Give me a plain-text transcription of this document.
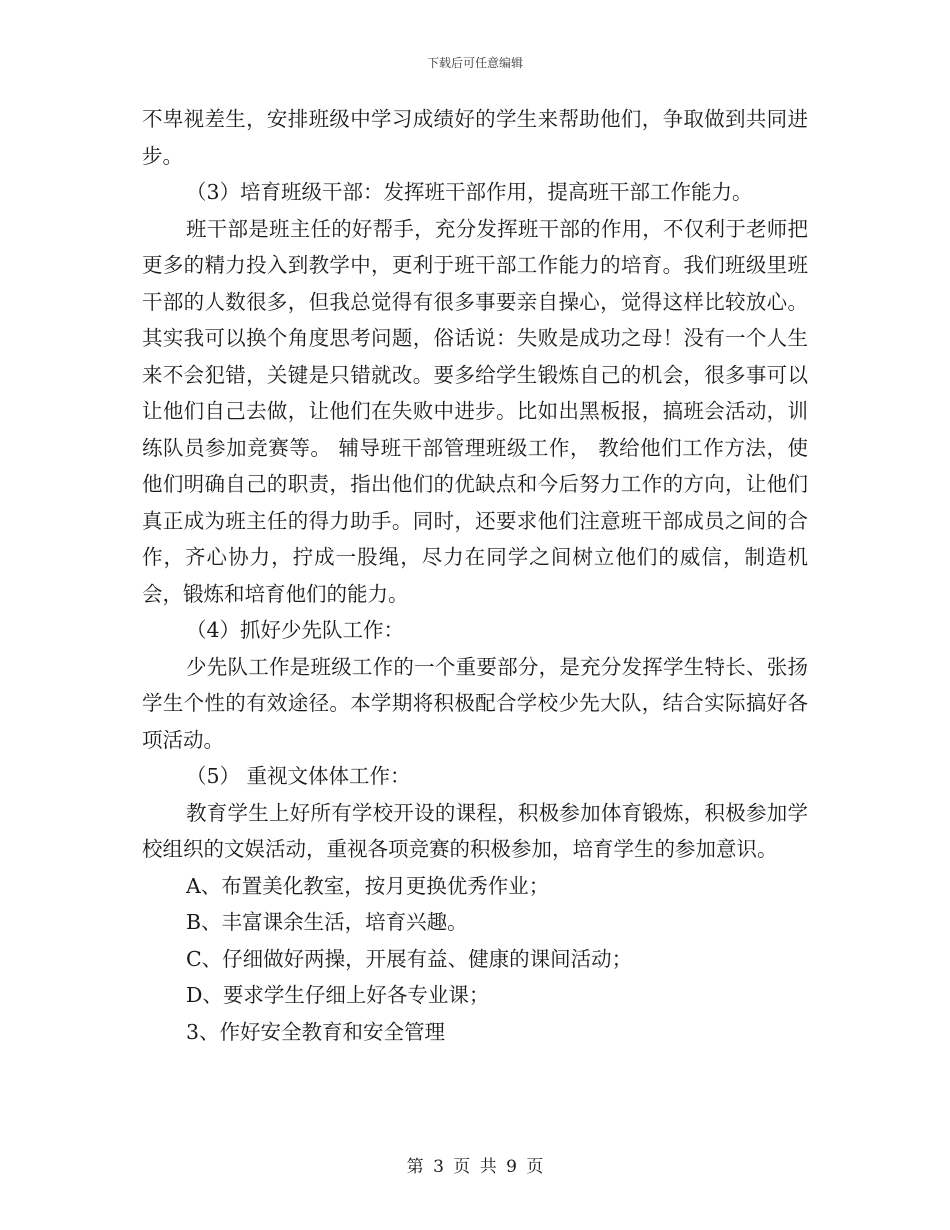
下载后可任意编辑

不卑视差生，安排班级中学习成绩好的学生来帮助他们，争取做到共同进步。

（3）培育班级干部：发挥班干部作用，提高班干部工作能力。

班干部是班主任的好帮手，充分发挥班干部的作用，不仅利于老师把更多的精力投入到教学中，更利于班干部工作能力的培育。我们班级里班干部的人数很多，但我总觉得有很多事要亲自操心，觉得这样比较放心。其实我可以换个角度思考问题，俗话说：失败是成功之母！没有一个人生来不会犯错，关键是只错就改。要多给学生锻炼自己的机会，很多事可以让他们自己去做，让他们在失败中进步。比如出黑板报，搞班会活动，训练队员参加竞赛等。 辅导班干部管理班级工作， 教给他们工作方法，使他们明确自己的职责，指出他们的优缺点和今后努力工作的方向，让他们真正成为班主任的得力助手。同时，还要求他们注意班干部成员之间的合作，齐心协力，拧成一股绳，尽力在同学之间树立他们的威信，制造机会，锻炼和培育他们的能力。

（4）抓好少先队工作：

少先队工作是班级工作的一个重要部分，是充分发挥学生特长、张扬学生个性的有效途径。本学期将积极配合学校少先大队，结合实际搞好各项活动。

（5） 重视文体体工作：

教育学生上好所有学校开设的课程，积极参加体育锻炼，积极参加学校组织的文娱活动，重视各项竞赛的积极参加，培育学生的参加意识。

A、布置美化教室，按月更换优秀作业；

B、丰富课余生活，培育兴趣。

C、仔细做好两操，开展有益、健康的课间活动；

D、要求学生仔细上好各专业课；

3、作好安全教育和安全管理

第 3 页 共 9 页
